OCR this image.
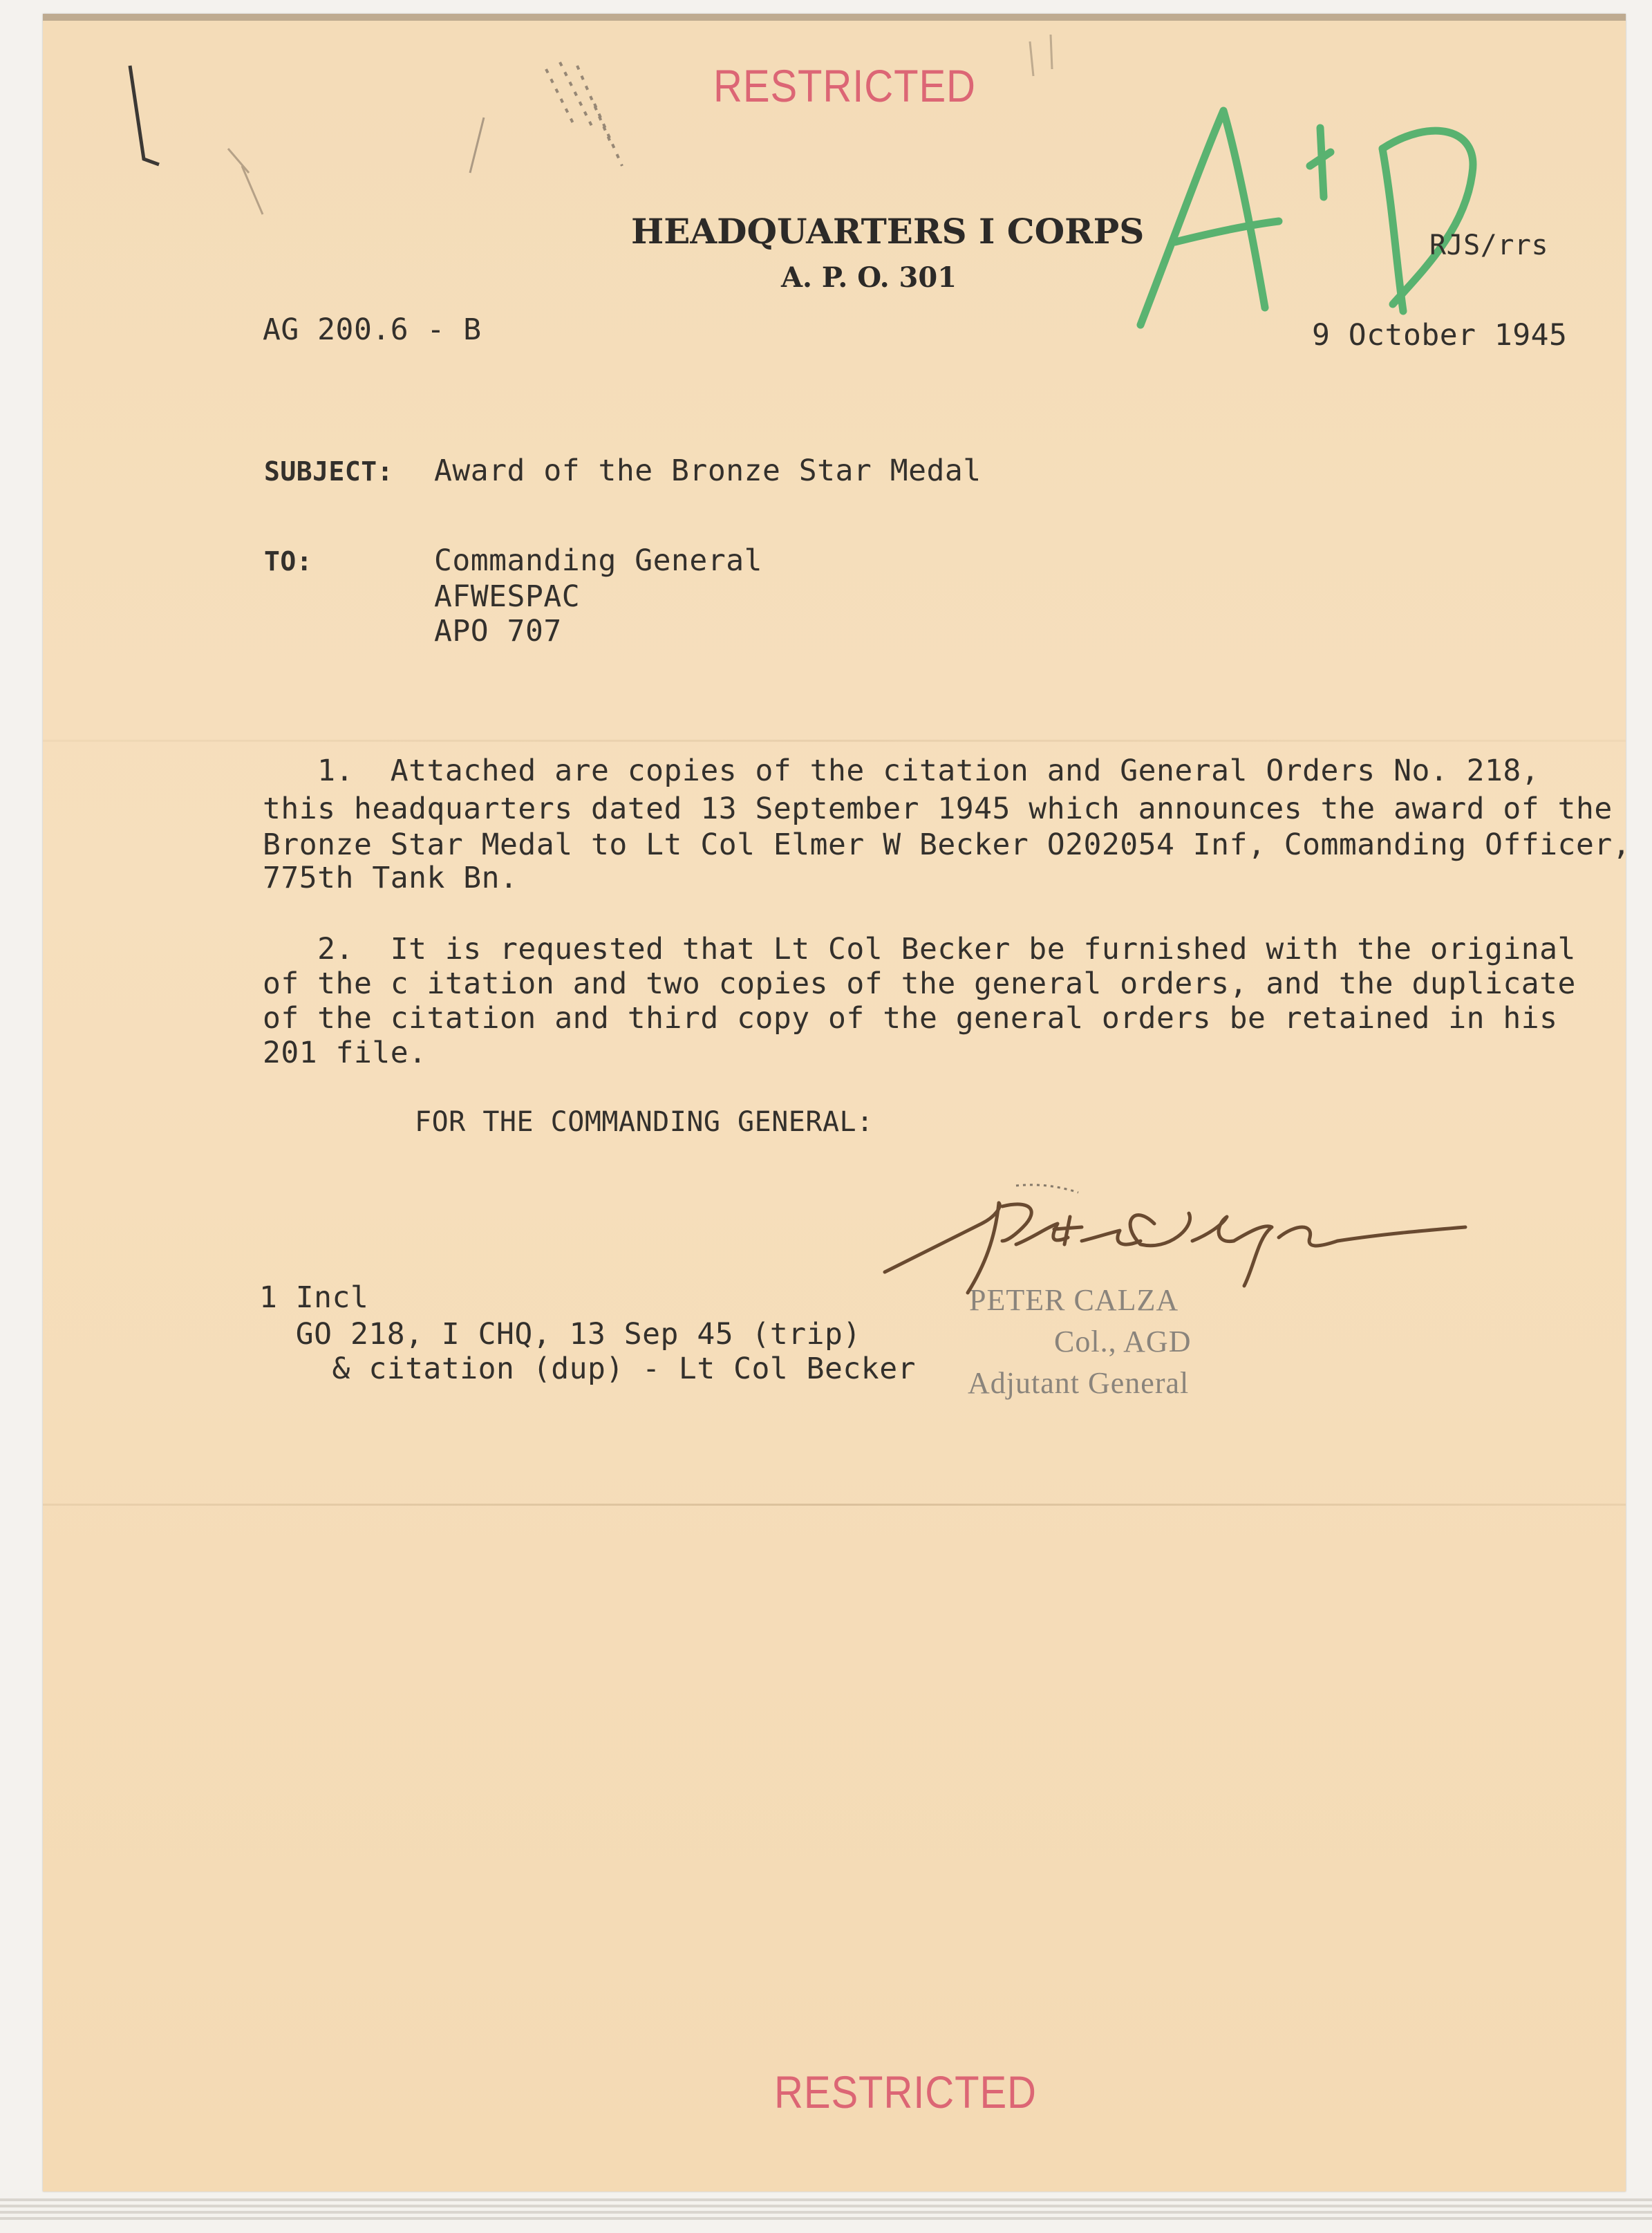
RESTRICTED
RESTRICTED
HEADQUARTERS I CORPS
A. P. O. 301
RJS/rrs
AG 200.6 - B	9 October 1945
SUBJECT: Award of the Bronze Star Medal
TO:	Commanding General
AFWESPAC
APO 707
1.  Attached are copies of the citation and General Orders No. 218,
this headquarters dated 13 September 1945 which announces the award of the
Bronze Star Medal to Lt Col Elmer W Becker O202054 Inf, Commanding Officer,
775th Tank Bn.
2.  It is requested that Lt Col Becker be furnished with the original
of the c itation and two copies of the general orders, and the duplicate
of the citation and third copy of the general orders be retained in his
201 file.
FOR THE COMMANDING GENERAL:
1 Incl
GO 218, I CHQ, 13 Sep 45 (trip)
& citation (dup) - Lt Col Becker
PETER CALZA
Col., AGD
Adjutant General
